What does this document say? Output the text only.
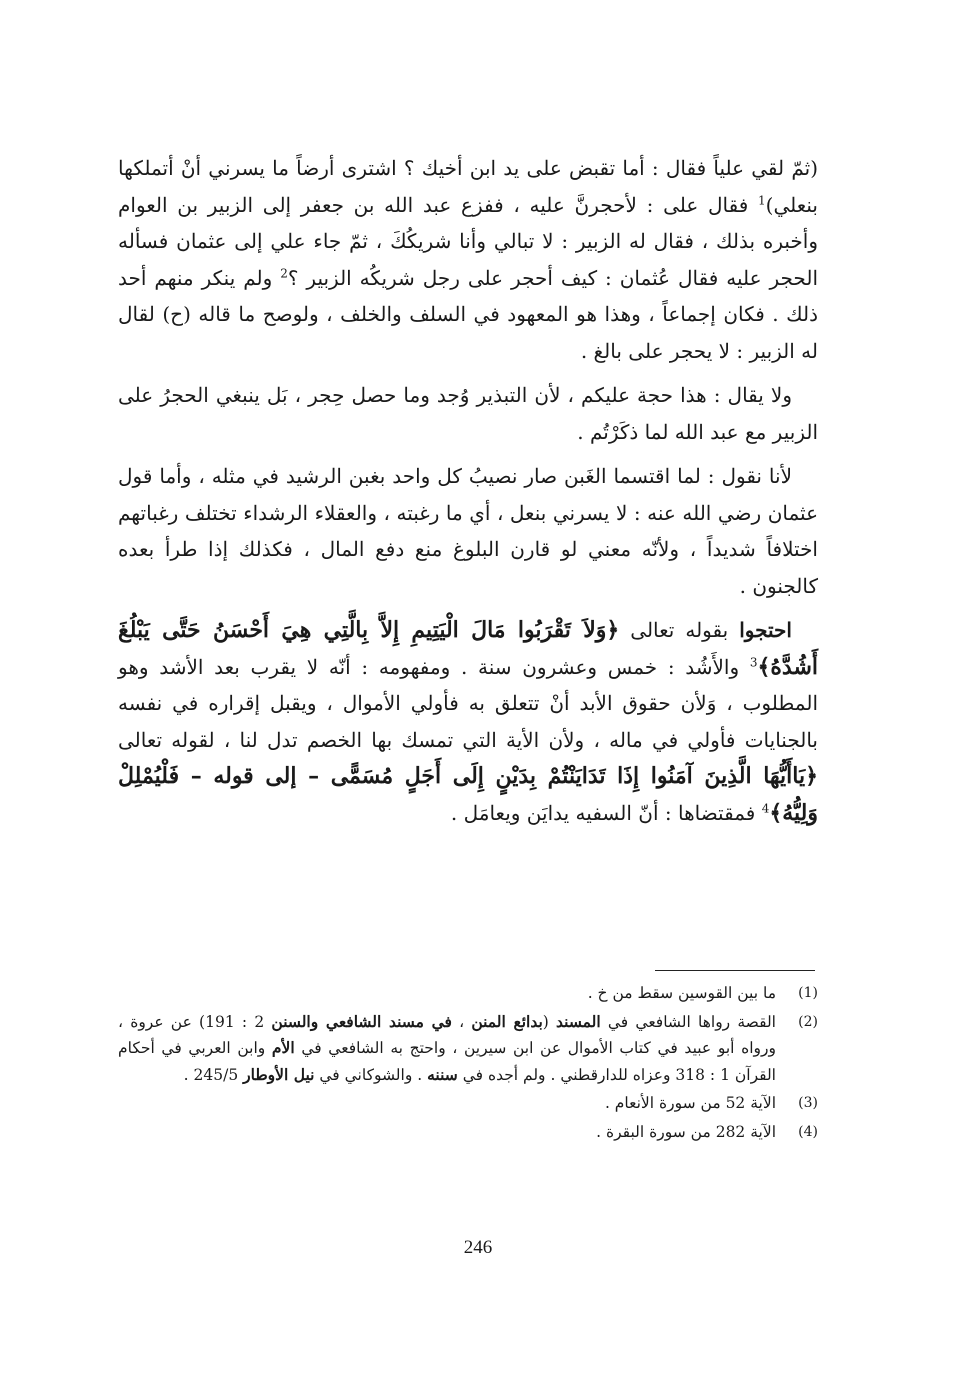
(ثمّ لقي علياً فقال : أما تقبض على يد ابن أخيك ؟ اشترى أرضاً ما يسرني أنْ أتملكها بنعلي)$^1$ فقال على : لأحجرنَّ عليه ، ففزع عبد الله بن جعفر إلى الزبير بن العوام وأخبره بذلك ، فقال له الزبير : لا تبالي وأنا شريكُكَ ، ثمّ جاء علي إلى عثمان فسأله الحجر عليه فقال عُثمان : كيف أحجر على رجل شريكُه الزبير ؟$^2$ ولم ينكر منهم أحد ذلك . فكان إجماعاً ، وهذا هو المعهود في السلف والخلف ، ولوصح ما قاله (ح) لقال له الزبير : لا يحجر على بالغ .

ولا يقال : هذا حجة عليكم ، لأن التبذير وُجد وما حصل حِجر ، بَل ينبغي الحجرُ على الزبير مع عبد الله لما ذكَرْتُم .

لأنا نقول : لما اقتسما الغَبن صار نصيبُ كل واحد بغبن الرشيد في مثله ، وأما قول عثمان رضي الله عنه : لا يسرني بنعل ، أي ما رغبته ، والعقلاء الرشداء تختلف رغباتهم اختلافاً شديداً ، ولأنّه معني لو قارن البلوغ منع دفع المال ، فكذلك إذا طرأ بعده كالجنون .

احتجوا بقوله تعالى ﴿وَلاَ تَقْرَبُوا مَالَ الْيَتِيمِ إِلاَّ بِالَّتِي هِيَ أَحْسَنُ حَتَّى يَبْلُغَ أَشُدَّهُ﴾$^3$ والأَشُد : خمس وعشرون سنة . ومفهومه : أنّه لا يقرب بعد الأشد وهو المطلوب ، وَلأن حقوق الأبد أنْ تتعلق به فأولي الأموال ، ويقبل إقراره في نفسه بالجنايات فأولي في ماله ، ولأن الأية التي تمسك بها الخصم تدل لنا ، لقوله تعالى ﴿يَاأَيُّهَا الَّذِينَ آمَنُوا إِذَا تَدَايَنْتُمْ بِدَيْنٍ إِلَى أَجَلٍ مُسَمًّى – إلى قوله – فَلْيُمْلِلْ وَلِيُّهُ﴾$^4$ فمقتضاها : أنّ السفيه يدايَن ويعامَل .

(1)
ما بين القوسين سقط من خ .
(2)
القصة رواها الشافعي في المسند (بدائع المنن ، في مسند الشافعي والسنن 2 : 191) عن عروة ، ورواه أبو عبيد في كتاب الأموال عن ابن سيرين ، واحتج به الشافعي في الأم وابن العربي في أحكام القرآن 1 : 318 وعزاه للدارقطني . ولم أجده في سننه . والشوكاني في نيل الأوطار 245/5 .
(3)
الآية 52 من سورة الأنعام .
(4)
الآية 282 من سورة البقرة .
246
